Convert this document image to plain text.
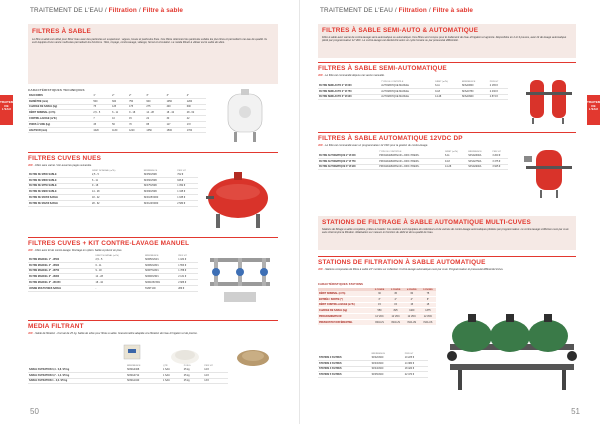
TRAITEMENT DE L'EAU / Filtration / Filtre à sable
TRAITEMENT DE L'EAU
FILTRES À SABLE
Le filtre à sable est utilisé pour filtrer l'eau avec des particules en suspension : algues, boues et particules fines. Ces filtres retiennent les particules solides les plus fines et permettent une eau de qualité. Ils sont équipés d'une vanne multivoies permettant les fonctions : filtre, rinçage, contre-lavage, vidange, fermé et circulation. Le média filtrant à utiliser est le sable de silice.
CARACTÉRISTIQUES TECHNIQUES
RACCORDS	1"	2"	2"	3"	3"	4"
DIAMÈTRE (mm)	500	600	750	900	1050	1200
CHARGE DE SABLE (kg)	75	125	175	275	400	600
DÉBIT NOMINAL (m³/h)	2,5 - 5	6 - 11	9 - 18	14 - 28	18 - 42	28 - 62
CONTRE-LAVAGE (m³/h)	7	10	15	22	30	42
POIDS À VIDE (kg)	45	56	70	88	117	172
HAUTEUR (mm)	1020	1130	1220	1350	1500	1700
FILTRES CUVES NUES
JCF - Filtre sans vanne. Voir aussi les pages suivantes.
	DÉBIT NOMINAL (m³/h)	RÉFÉRENCE	PRIX HT
FILTRE NU Ø500 SABLE	2,5 - 5	SFF50V0R0	702 €
FILTRE NU Ø600 SABLE	6 - 11	SFF60V0R0	946 €
FILTRE NU Ø750 SABLE	9 - 18	SFF75V0R0	1 052 €
FILTRE NU Ø900 SABLE	14 - 28	SFF90V0R0	1 345 €
FILTRE NU Ø1050 SABLE	18 - 42	SFF105V0R0	1 935 €
FILTRE NU Ø1200 SABLE	28 - 62	SFF120V0R0	2 580 €
FILTRES CUVES + KIT CONTRE-LAVAGE MANUEL
JCF - Filtre avec kit de contre-lavage. Montage en option. Sable à prévoir en plus.
	DÉBIT NOMINAL (m³/h)	RÉFÉRENCE	PRIX HT
FILTRE MANUEL 1" - Ø500	2,5 - 5	SFM50V1R1	1 184 €
FILTRE MANUEL 2" - Ø600	6 - 11	SFM60V2R1	1 553 €
FILTRE MANUEL 2" - Ø750	9 - 18	SFM75V2R1	1 788 €
FILTRE MANUEL 3" - Ø900	14 - 28	SFM90V3R1	2 131 €
FILTRE MANUEL 3" - Ø1050	18 - 42	SFM105V3R1	2 686 €
VANNE MULTIVOIES SABLE	-	SVMT100	289 €
MEDIA FILTRANT
JCF - Sable de filtration - Format de 25 kg. Sable de silice pour filtres à sable. Granulométrie adaptée à la filtration de l'eau d'irrigation et de piscine.
	RÉFÉRENCE	QTÉ	POIDS	PRIX HT
SABLE FILTRATION 0,4 - 0,8 / 25 kg	SFMG0408	1 SAC	25 kg	12 €
SABLE FILTRATION 0,7 - 1,2 / 25 kg	SFMG0712	1 SAC	25 kg	12 €
SABLE FILTRATION 1 - 2,0 / 25 kg	SFMG1020	1 SAC	25 kg	13 €
50
TRAITEMENT DE L'EAU / Filtration / Filtre à sable
TRAITEMENT DE L'EAU
FILTRES À SABLE SEMI-AUTO & AUTOMATIQUE
Filtre à sable avec vanne de contre-lavage semi-automatique ou automatique. Ces filtres sont conçus pour le traitement de l'eau d'irrigation et agricole. Disponibles en 2 et 3 pouces, avec kit de lavage automatique piloté par programmateur 12 VDC. Le contre-lavage est déclenché selon un cycle horaire ou par pressostat différentiel.
FILTRES À SABLE SEMI-AUTOMATIQUE
JCF - Le filtre est commandé depuis une vanne manuelle.
	TYPE DE CONTRÔLE	DÉBIT (m³/h)	RÉFÉRENCE	PRIX HT
FILTRE SEMI-AUTO 2" Ø 600	AUTOMATIQUE MANUEL	6-11	SFSA0600	2 165 €
FILTRE SEMI-AUTO 2" Ø 750	AUTOMATIQUE MANUEL	9-18	SFSA0750	2 430 €
FILTRE SEMI-AUTO 3" Ø 900	AUTOMATIQUE MANUEL	14-28	SFSA0900	2 874 €
FILTRES À SABLE AUTOMATIQUE 12VDC DP
JCF - Le filtre est commandé avec un programmateur 12 VDC pour la gestion du contre-lavage.
	TYPE DE CONTRÔLE	DÉBIT (m³/h)	RÉFÉRENCE	PRIX HT
FILTRE AUTOMATIQUE 2" Ø 600	PROGRAMMATEUR + DIFF. PRESS.	6-11	SFSA0600A	3 200 €
FILTRE AUTOMATIQUE 2" Ø 750	PROGRAMMATEUR + DIFF. PRESS.	9-18	SFSA0750A	3 475 €
FILTRE AUTOMATIQUE 3" Ø 900	PROGRAMMATEUR + DIFF. PRESS.	14-28	SFSA0900A	3 925 €
STATIONS DE FILTRAGE À SABLE AUTOMATIQUE MULTI-CUVES
Stations de filtrage à sable complètes, prêtes à installer. Ces stations sont équipées de collecteurs et de vannes de contre-lavage automatiques pilotées par programmateur. Le contre-lavage s'effectue cuve par cuve sans interrompre la filtration. Réalisation sur mesure en fonction du débit et de la qualité de l'eau.
STATIONS DE FILTRATION À SABLE AUTOMATIQUE
JCF - Stations composées de filtres à sable 24" montés sur collecteur. Contre-lavage automatique cuve par cuve. Programmateur et pressostat différentiel inclus.
CARACTÉRISTIQUES STATIONS
	2 CUVES	3 CUVES	4 CUVES	5 CUVES
DÉBIT NOMINAL (m³/h)	30	45	60	75
ENTRÉE / SORTIE (")	3"	4"	4"	6"
DÉBIT CONTRE-LAVAGE (m³/h)	15	15	15	15
CHARGE DE SABLE (kg)	550	825	1100	1375
PROGRAMMATEUR	12 VDC	12 VDC	12 VDC	12 VDC
PRESSOSTAT DIFFÉRENTIEL	INCLUS	INCLUS	INCLUS	INCLUS
	RÉFÉRENCE	PRIX HT
STATION 2 FILTRES	SFS2C600	10 225 €
STATION 3 FILTRES	SFS3C600	14 380 €
STATION 4 FILTRES	SFS4C600	18 420 €
STATION 5 FILTRES	SFS5C600	22 470 €
51
